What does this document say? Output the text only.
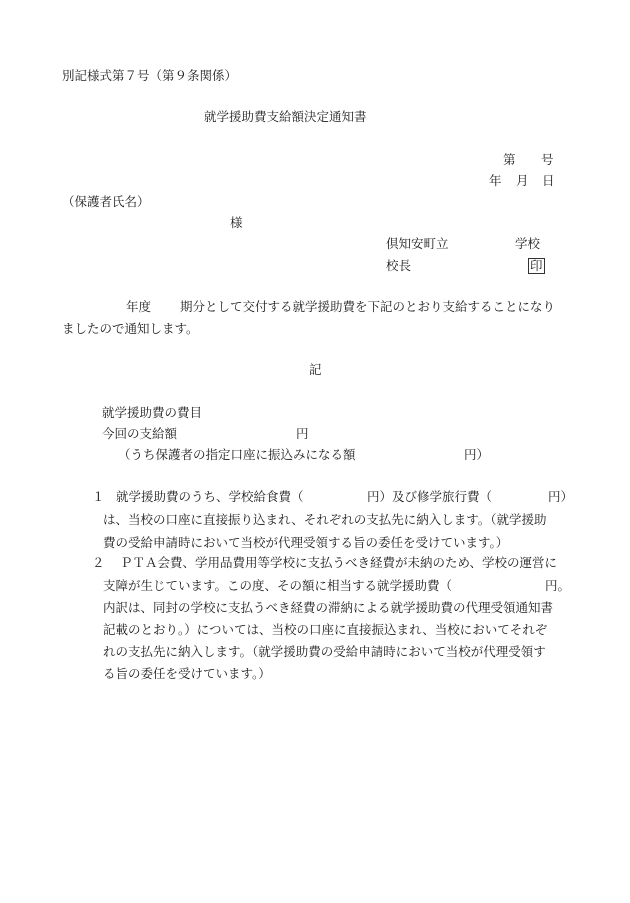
別記様式第７号（第９条関係）
就学援助費支給額決定通知書
第 号
年 月 日
（保護者氏名）
様
倶知安町立	学校
校長	印
年度 期分として交付する就学援助費を下記のとおり支給することになり
ましたので通知します。
記
就学援助費の費目
今回の支給額	円
（うち保護者の指定口座に振込みになる額	円）
１ 就学援助費のうち、学校給食費（	円）及び修学旅行費（	円）
は、当校の口座に直接振り込まれ、それぞれの支払先に納入します。（就学援助
費の受給申請時において当校が代理受領する旨の委任を受けています。）
２ ＰＴＡ会費、学用品費用等学校に支払うべき経費が未納のため、学校の運営に
支障が生じています。この度、その額に相当する就学援助費（	円。
内訳は、同封の学校に支払うべき経費の滞納による就学援助費の代理受領通知書
記載のとおり。）については、当校の口座に直接振込まれ、当校においてそれぞ
れの支払先に納入します。（就学援助費の受給申請時において当校が代理受領す
る旨の委任を受けています。）
